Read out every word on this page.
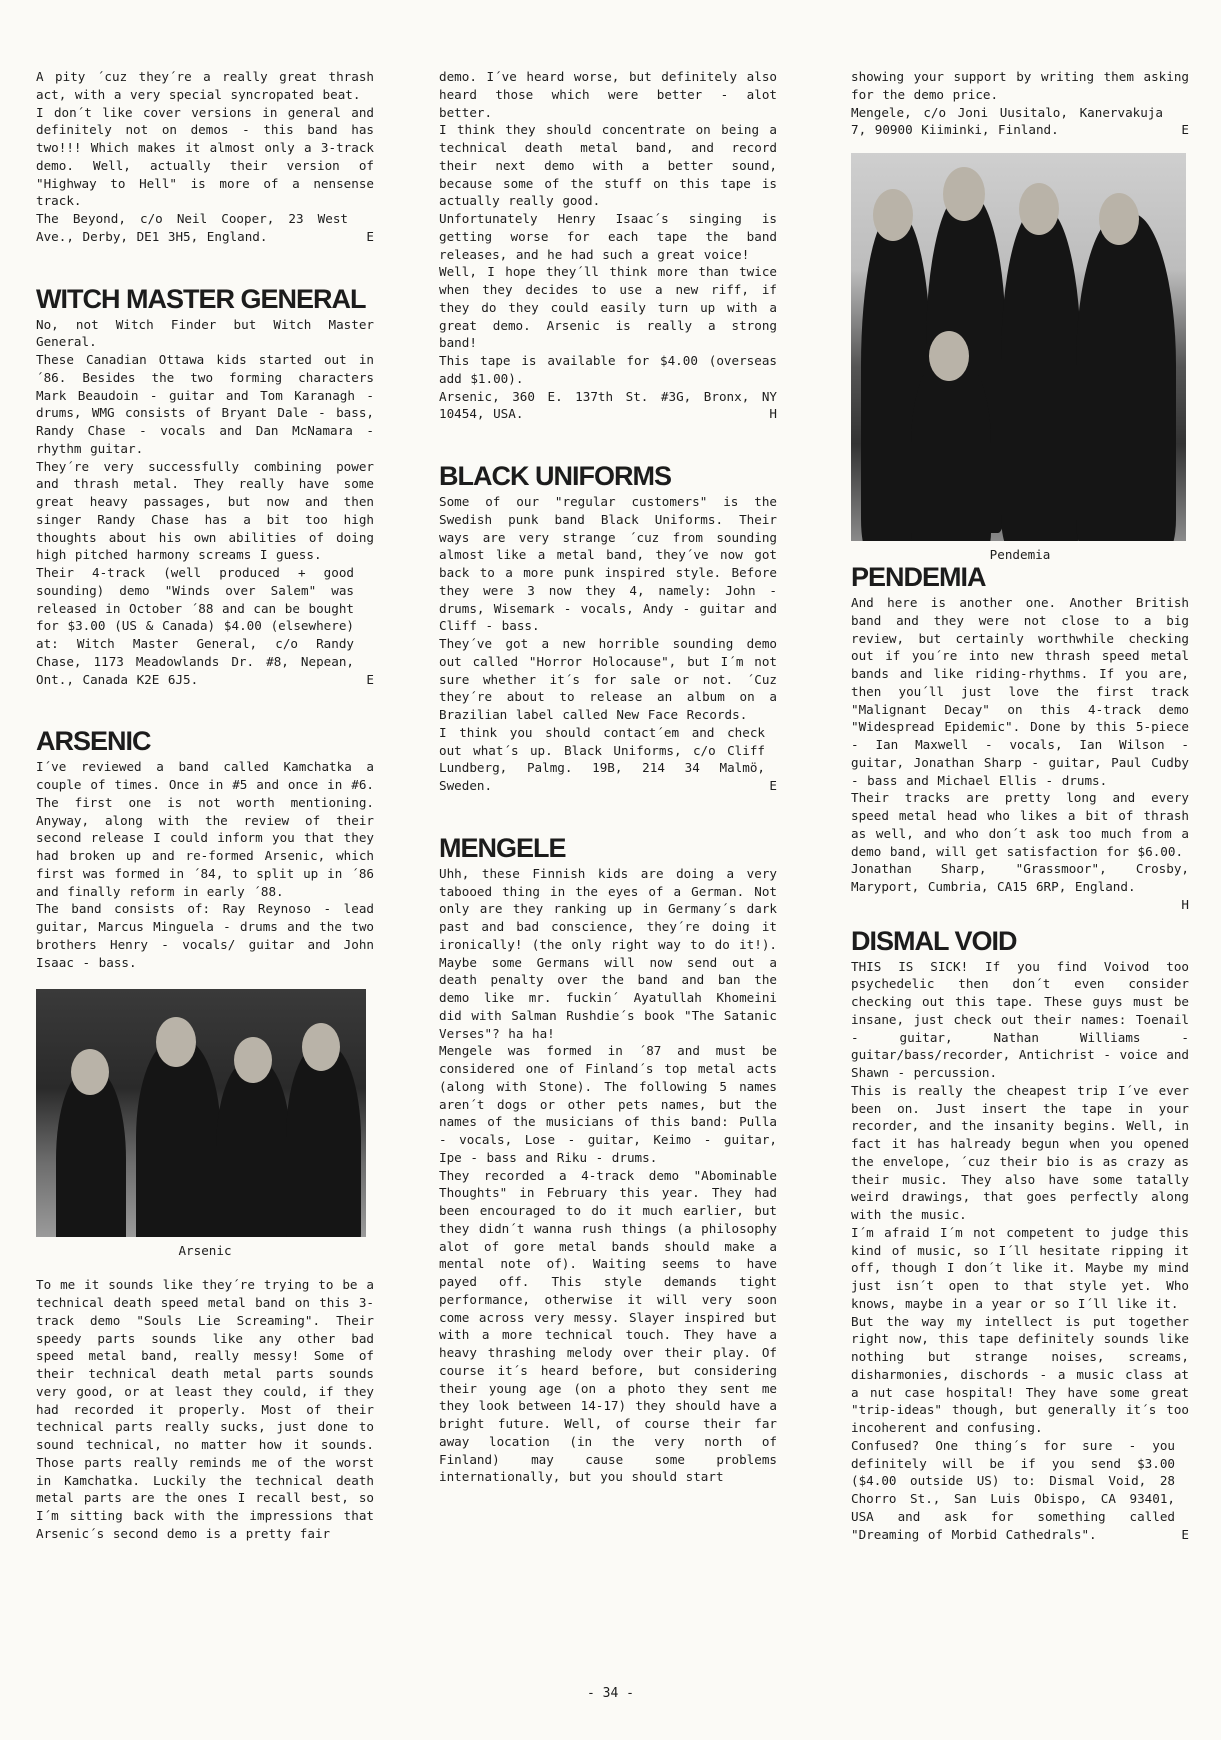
A pity ´cuz they´re a really great thrash act, with a very special syncropated beat.

I don´t like cover versions in general and definitely not on demos - this band has two!!! Which makes it almost only a 3-track demo. Well, actually their version of "Highway to Hell" is more of a nensense track.

The Beyond, c/o Neil Cooper, 23 West Ave., Derby, DE1 3H5, England.	E

WITCH MASTER GENERAL

No, not Witch Finder but Witch Master General.

These Canadian Ottawa kids started out in ´86. Besides the two forming characters Mark Beaudoin - guitar and Tom Karanagh - drums, WMG consists of Bryant Dale - bass, Randy Chase - vocals and Dan McNamara - rhythm guitar.

They´re very successfully combining power and thrash metal. They really have some great heavy passages, but now and then singer Randy Chase has a bit too high thoughts about his own abilities of doing high pitched harmony screams I guess.

Their 4-track (well produced + good sounding) demo "Winds over Salem" was released in October ´88 and can be bought for $3.00 (US & Canada) $4.00 (elsewhere) at: Witch Master General, c/o Randy Chase, 1173 Meadowlands Dr. #8, Nepean, Ont., Canada K2E 6J5.	E

ARSENIC

I´ve reviewed a band called Kamchatka a couple of times. Once in #5 and once in #6. The first one is not worth mentioning. Anyway, along with the review of their second release I could inform you that they had broken up and re-formed Arsenic, which first was formed in ´84, to split up in ´86 and finally reform in early ´88.

The band consists of: Ray Reynoso - lead guitar, Marcus Minguela - drums and the two brothers Henry - vocals/ guitar and John Isaac - bass.

Arsenic

To me it sounds like they´re trying to be a technical death speed metal band on this 3-track demo "Souls Lie Screaming". Their speedy parts sounds like any other bad speed metal band, really messy! Some of their technical death metal parts sounds very good, or at least they could, if they had recorded it properly. Most of their technical parts really sucks, just done to sound technical, no matter how it sounds. Those parts really reminds me of the worst in Kamchatka. Luckily the technical death metal parts are the ones I recall best, so I´m sitting back with the impressions that Arsenic´s second demo is a pretty fair

demo. I´ve heard worse, but definitely also heard those which were better - alot better.

I think they should concentrate on being a technical death metal band, and record their next demo with a better sound, because some of the stuff on this tape is actually really good.

Unfortunately Henry Isaac´s singing is getting worse for each tape the band releases, and he had such a great voice!

Well, I hope they´ll think more than twice when they decides to use a new riff, if they do they could easily turn up with a great demo. Arsenic is really a strong band!

This tape is available for $4.00 (overseas add $1.00).

Arsenic, 360 E. 137th St. #3G, Bronx, NY 10454, USA.	H

BLACK UNIFORMS

Some of our "regular customers" is the Swedish punk band Black Uniforms. Their ways are very strange ´cuz from sounding almost like a metal band, they´ve now got back to a more punk inspired style. Before they were 3 now they 4, namely: John - drums, Wisemark - vocals, Andy - guitar and Cliff - bass.

They´ve got a new horrible sounding demo out called "Horror Holocause", but I´m not sure whether it´s for sale or not. ´Cuz they´re about to release an album on a Brazilian label called New Face Records.

I think you should contact´em and check out what´s up. Black Uniforms, c/o Cliff Lundberg, Palmg. 19B, 214 34 Malmö, Sweden.	E

MENGELE

Uhh, these Finnish kids are doing a very tabooed thing in the eyes of a German. Not only are they ranking up in Germany´s dark past and bad conscience, they´re doing it ironically! (the only right way to do it!). Maybe some Germans will now send out a death penalty over the band and ban the demo like mr. fuckin´ Ayatullah Khomeini did with Salman Rushdie´s book "The Satanic Verses"? ha ha!

Mengele was formed in ´87 and must be considered one of Finland´s top metal acts (along with Stone). The following 5 names aren´t dogs or other pets names, but the names of the musicians of this band: Pulla - vocals, Lose - guitar, Keimo - guitar, Ipe - bass and Riku - drums.

They recorded a 4-track demo "Abominable Thoughts" in February this year. They had been encouraged to do it much earlier, but they didn´t wanna rush things (a philosophy alot of gore metal bands should make a mental note of). Waiting seems to have payed off. This style demands tight performance, otherwise it will very soon come across very messy. Slayer inspired but with a more technical touch. They have a heavy thrashing melody over their play. Of course it´s heard before, but considering their young age (on a photo they sent me they look between 14-17) they should have a bright future. Well, of course their far away location (in the very north of Finland) may cause some problems internationally, but you should start

showing your support by writing them asking for the demo price.

Mengele, c/o Joni Uusitalo, Kanervakuja 7, 90900 Kiiminki, Finland.	E

Pendemia
PENDEMIA

And here is another one. Another British band and they were not close to a big review, but certainly worthwhile checking out if you´re into new thrash speed metal bands and like riding-rhythms. If you are, then you´ll just love the first track "Malignant Decay" on this 4-track demo "Widespread Epidemic". Done by this 5-piece - Ian Maxwell - vocals, Ian Wilson - guitar, Jonathan Sharp - guitar, Paul Cudby - bass and Michael Ellis - drums.

Their tracks are pretty long and every speed metal head who likes a bit of thrash as well, and who don´t ask too much from a demo band, will get satisfaction for $6.00.

Jonathan Sharp, "Grassmoor", Crosby, Maryport, Cumbria, CA15 6RP, England.

H

DISMAL VOID

THIS IS SICK! If you find Voivod too psychedelic then don´t even consider checking out this tape. These guys must be insane, just check out their names: Toenail - guitar, Nathan Williams - guitar/bass/recorder, Antichrist - voice and Shawn - percussion.

This is really the cheapest trip I´ve ever been on. Just insert the tape in your recorder, and the insanity begins. Well, in fact it has halready begun when you opened the envelope, ´cuz their bio is as crazy as their music. They also have some tatally weird drawings, that goes perfectly along with the music.

I´m afraid I´m not competent to judge this kind of music, so I´ll hesitate ripping it off, though I don´t like it. Maybe my mind just isn´t open to that style yet. Who knows, maybe in a year or so I´ll like it.

But the way my intellect is put together right now, this tape definitely sounds like nothing but strange noises, screams, disharmonies, dischords - a music class at a nut case hospital! They have some great "trip-ideas" though, but generally it´s too incoherent and confusing.

Confused? One thing´s for sure - you definitely will be if you send $3.00 ($4.00 outside US) to: Dismal Void, 28 Chorro St., San Luis Obispo, CA 93401, USA and ask for something called "Dreaming of Morbid Cathedrals".	E

- 34 -
